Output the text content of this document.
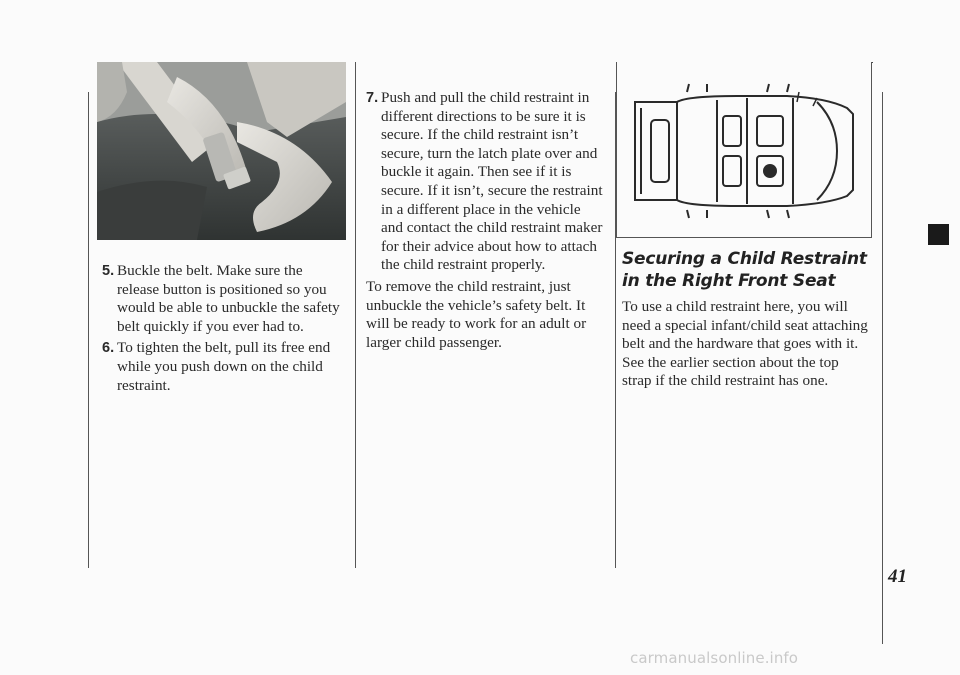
5. Buckle the belt. Make sure the release button is positioned so you would be able to unbuckle the safety belt quickly if you ever had to.
6. To tighten the belt, pull its free end while you push down on the child restraint.
7. Push and pull the child restraint in different directions to be sure it is secure. If the child restraint isn’t secure, turn the latch plate over and buckle it again. Then see if it is secure. If it isn’t, secure the restraint in a different place in the vehicle and contact the child restraint maker for their advice about how to attach the child restraint properly.

To remove the child restraint, just unbuckle the vehicle’s safety belt. It will be ready to work for an adult or larger child passenger.

Securing a Child Restraint in the Right Front Seat

To use a child restraint here, you will need a special infant/child seat attaching belt and the hardware that goes with it. See the earlier section about the top strap if the child restraint has one.

41
carmanualsonline.info
